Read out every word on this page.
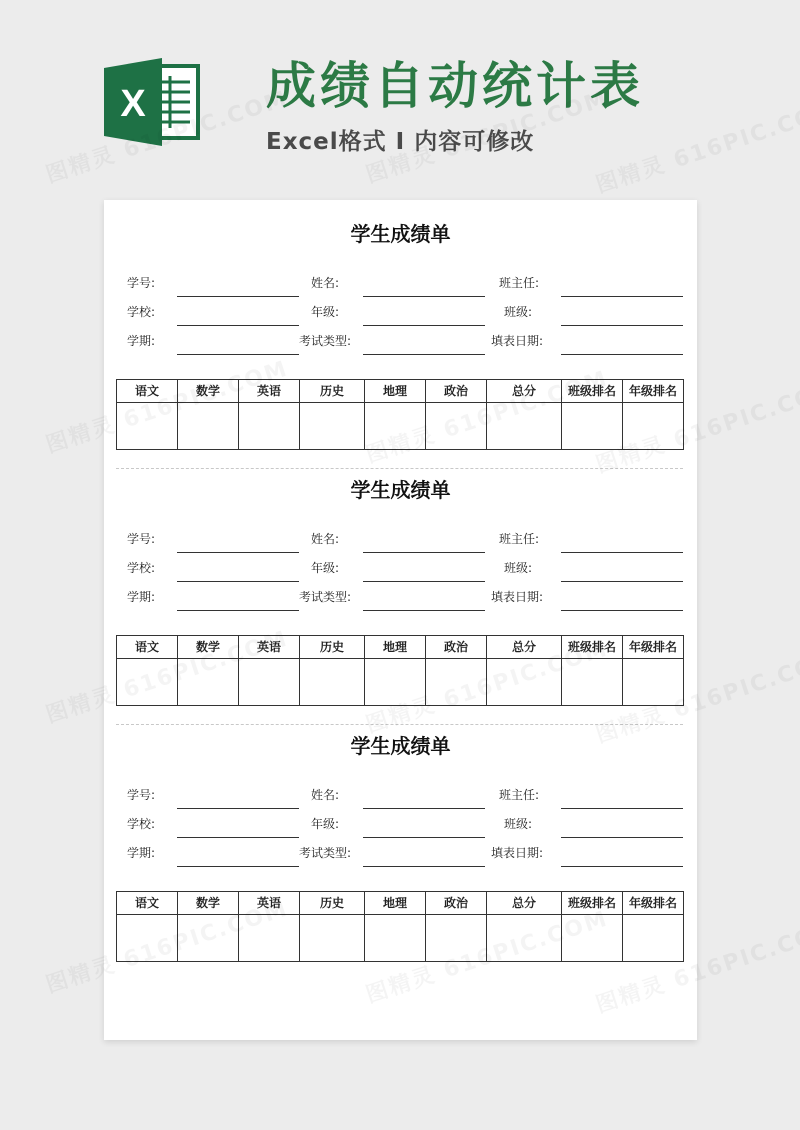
X 成绩自动统计表
Excel格式 I 内容可修改
学生成绩单
学号:	姓名:	班主任:
学校:	年级:	班级:
学期:	考试类型:	填表日期:
语文	数学	英语	历史	地理	政治	总分	班级排名	年级排名

学生成绩单
学号:	姓名:	班主任:
学校:	年级:	班级:
学期:	考试类型:	填表日期:
语文	数学	英语	历史	地理	政治	总分	班级排名	年级排名

学生成绩单
学号:	姓名:	班主任:
学校:	年级:	班级:
学期:	考试类型:	填表日期:
语文	数学	英语	历史	地理	政治	总分	班级排名	年级排名
